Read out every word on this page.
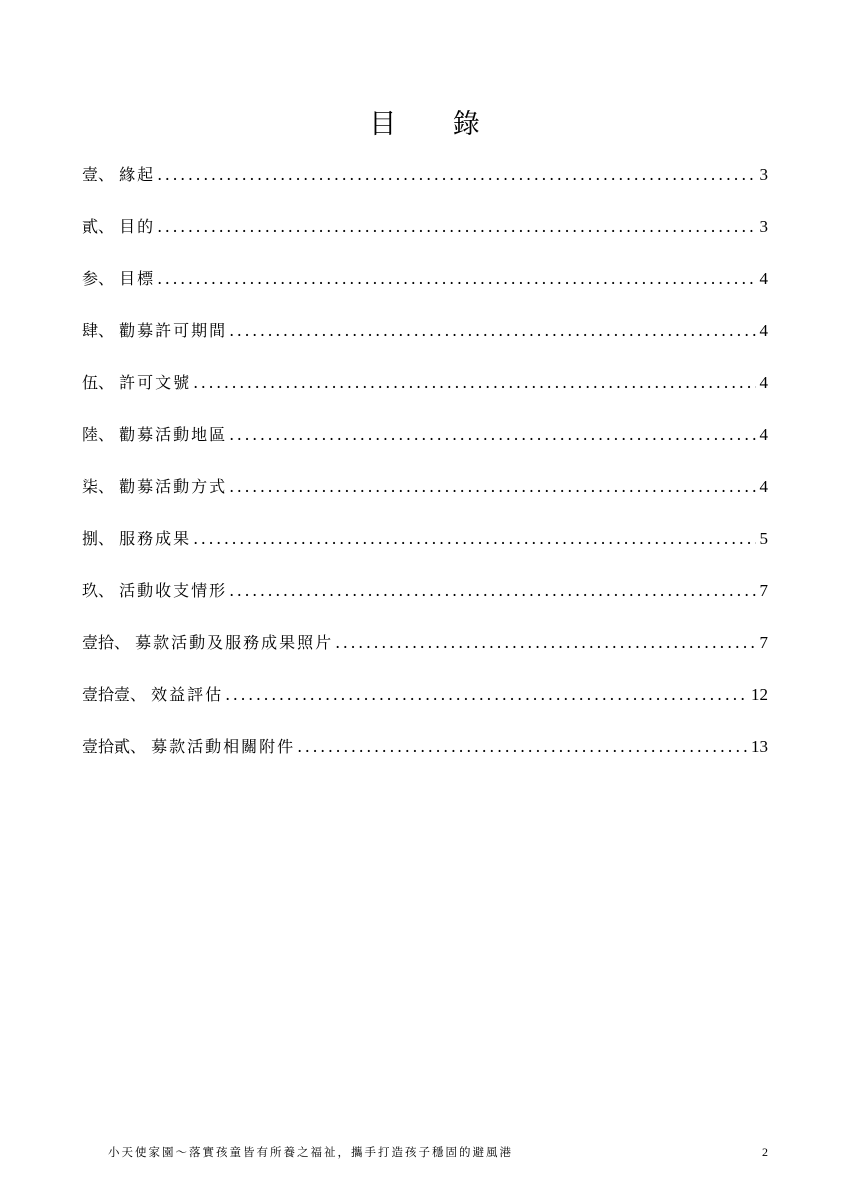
目 錄
壹、 緣起 .....	3
貳、 目的 .....	3
参、 目標 .....	4
肆、 勸募許可期間 .....	4
伍、 許可文號 .....	4
陸、 勸募活動地區 .....	4
柒、 勸募活動方式 .....	4
捌、 服務成果 .....	5
玖、 活動收支情形 .....	7
壹拾、 募款活動及服務成果照片 .....	7
壹拾壹、 效益評估 .....	12
壹拾貳、 募款活動相關附件 .....	13
小天使家園～落實孩童皆有所養之福祉，攜手打造孩子穩固的避風港	2
